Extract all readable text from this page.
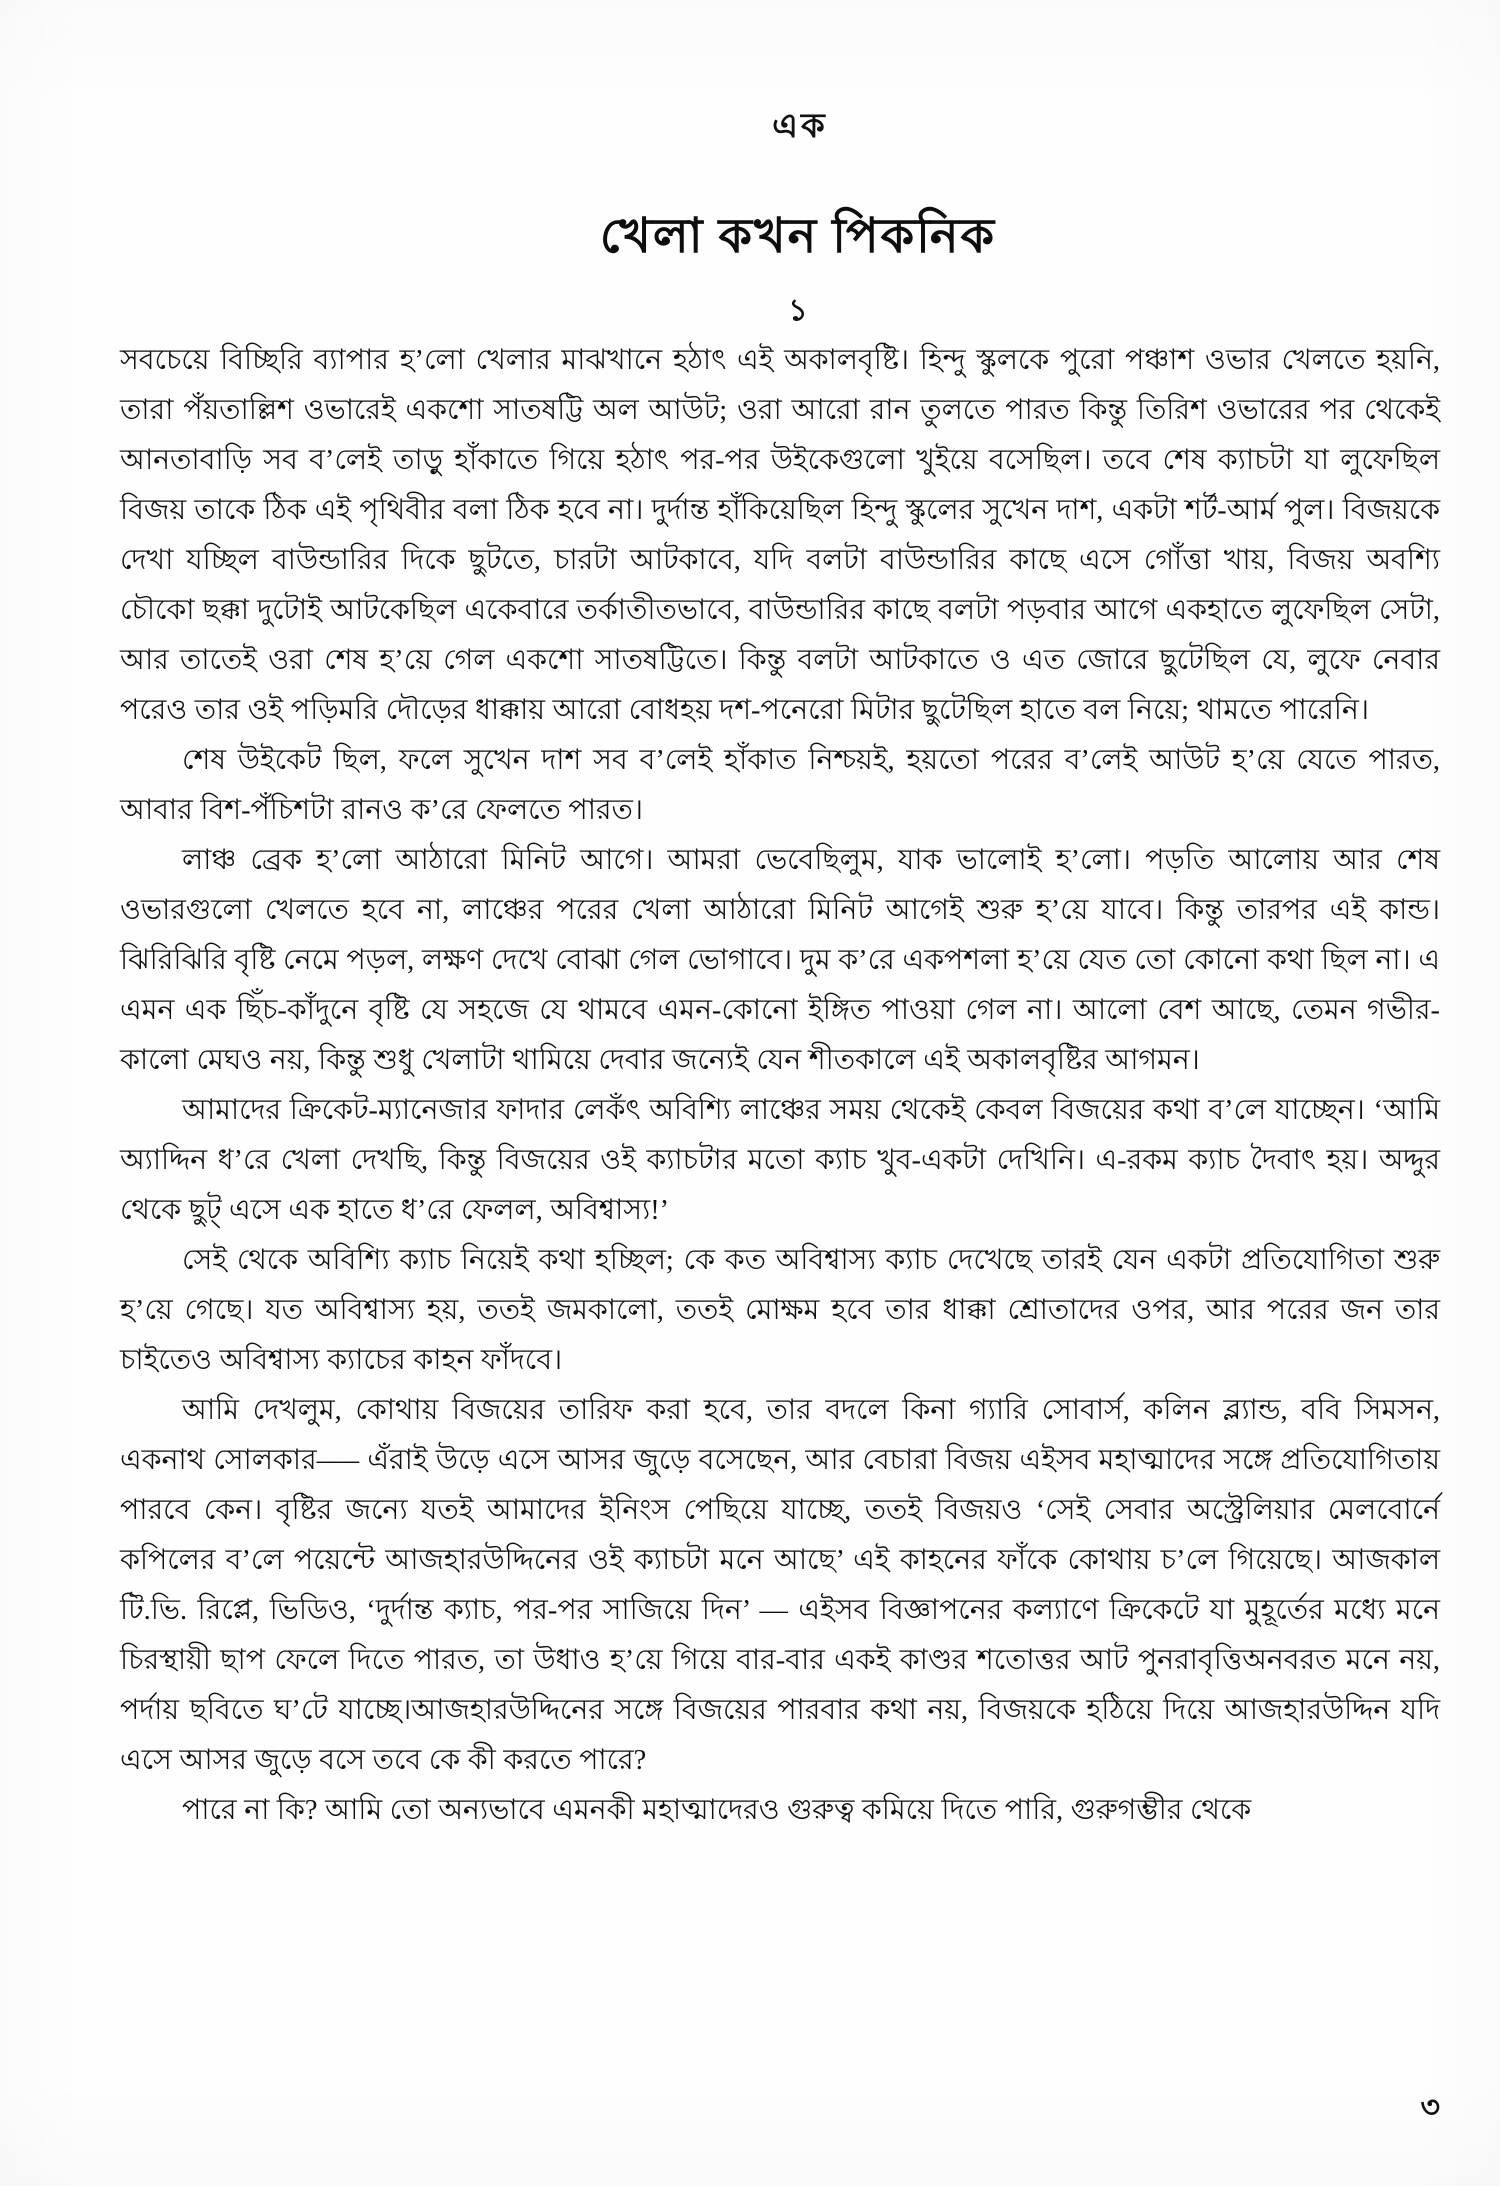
এক
খেলা কখন পিকনিক
১

সবচেয়ে বিচ্ছিরি ব্যাপার হ’লো খেলার মাঝখানে হঠাৎ এই অকালবৃষ্টি। হিন্দু স্কুলকে পুরো পঞ্চাশ ওভার খেলতে হয়নি, তারা পঁয়তাল্লিশ ওভারেই একশো সাতষট্টি অল আউট; ওরা আরো রান তুলতে পারত কিন্তু তিরিশ ওভারের পর থেকেই আনতাবাড়ি সব ব’লেই তাড়ু হাঁকাতে গিয়ে হঠাৎ পর-পর উইকেগুলো খুইয়ে বসেছিল। তবে শেষ ক্যাচটা যা লুফেছিল বিজয় তাকে ঠিক এই পৃথিবীর বলা ঠিক হবে না। দুর্দান্ত হাঁকিয়েছিল হিন্দু স্কুলের সুখেন দাশ, একটা শর্ট-আর্ম পুল। বিজয়কে দেখা যচ্ছিল বাউন্ডারির দিকে ছুটতে, চারটা আটকাবে, যদি বলটা বাউন্ডারির কাছে এসে গোঁত্তা খায়, বিজয় অবশ্যি চৌকো ছক্কা দুটোই আটকেছিল একেবারে তর্কাতীতভাবে, বাউন্ডারির কাছে বলটা পড়বার আগে একহাতে লুফেছিল সেটা, আর তাতেই ওরা শেষ হ’য়ে গেল একশো সাতষট্টিতে। কিন্তু বলটা আটকাতে ও এত জোরে ছুটেছিল যে, লুফে নেবার পরেও তার ওই পড়িমরি দৌড়ের ধাক্কায় আরো বোধহয় দশ-পনেরো মিটার ছুটেছিল হাতে বল নিয়ে; থামতে পারেনি।

শেষ উইকেট ছিল, ফলে সুখেন দাশ সব ব’লেই হাঁকাত নিশ্চয়ই, হয়তো পরের ব’লেই আউট হ’য়ে যেতে পারত, আবার বিশ-পঁচিশটা রানও ক’রে ফেলতে পারত।

লাঞ্চ ব্রেক হ’লো আঠারো মিনিট আগে। আমরা ভেবেছিলুম, যাক ভালোই হ’লো। পড়তি আলোয় আর শেষ ওভারগুলো খেলতে হবে না, লাঞ্চের পরের খেলা আঠারো মিনিট আগেই শুরু হ’য়ে যাবে। কিন্তু তারপর এই কান্ড। ঝিরিঝিরি বৃষ্টি নেমে পড়ল, লক্ষণ দেখে বোঝা গেল ভোগাবে। দুম ক’রে একপশলা হ’য়ে যেত তো কোনো কথা ছিল না। এ এমন এক ছিঁচ-কাঁদুনে বৃষ্টি যে সহজে যে থামবে এমন-কোনো ইঙ্গিত পাওয়া গেল না। আলো বেশ আছে, তেমন গভীর-কালো মেঘও নয়, কিন্তু শুধু খেলাটা থামিয়ে দেবার জন্যেই যেন শীতকালে এই অকালবৃষ্টির আগমন।

আমাদের ক্রিকেট-ম্যানেজার ফাদার লেকঁৎ অবিশ্যি লাঞ্চের সময় থেকেই কেবল বিজয়ের কথা ব’লে যাচ্ছেন। ‘আমি অ্যাদ্দিন ধ’রে খেলা দেখছি, কিন্তু বিজয়ের ওই ক্যাচটার মতো ক্যাচ খুব-একটা দেখিনি। এ-রকম ক্যাচ দৈবাৎ হয়। অদ্দুর থেকে ছুট্ এসে এক হাতে ধ’রে ফেলল, অবিশ্বাস্য!’

সেই থেকে অবিশ্যি ক্যাচ নিয়েই কথা হচ্ছিল; কে কত অবিশ্বাস্য ক্যাচ দেখেছে তারই যেন একটা প্রতিযোগিতা শুরু হ’য়ে গেছে। যত অবিশ্বাস্য হয়, ততই জমকালো, ততই মোক্ষম হবে তার ধাক্কা শ্রোতাদের ওপর, আর পরের জন তার চাইতেও অবিশ্বাস্য ক্যাচের কাহন ফাঁদবে।

আমি দেখলুম, কোথায় বিজয়ের তারিফ করা হবে, তার বদলে কিনা গ্যারি সোবার্স, কলিন ব্ল্যান্ড, ববি সিমসন, একনাথ সোলকার––– এঁরাই উড়ে এসে আসর জুড়ে বসেছেন, আর বেচারা বিজয় এইসব মহাত্মাদের সঙ্গে প্রতিযোগিতায় পারবে কেন। বৃষ্টির জন্যে যতই আমাদের ইনিংস পেছিয়ে যাচ্ছে, ততই বিজয়ও ‘সেই সেবার অস্ট্রেলিয়ার মেলবোর্নে কপিলের ব’লে পয়েন্টে আজহারউদ্দিনের ওই ক্যাচটা মনে আছে’ এই কাহনের ফাঁকে কোথায় চ’লে গিয়েছে। আজকাল টি.ভি. রিপ্লে, ভিডিও, ‘দুর্দান্ত ক্যাচ, পর-পর সাজিয়ে দিন’ — এইসব বিজ্ঞাপনের কল্যাণে ক্রিকেটে যা মুহূর্তের মধ্যে মনে চিরস্থায়ী ছাপ ফেলে দিতে পারত, তা উধাও হ’য়ে গিয়ে বার-বার একই কাণ্ডর শতোত্তর আট পুনরাবৃত্তিঅনবরত মনে নয়, পর্দায় ছবিতে ঘ’টে যাচ্ছে।আজহারউদ্দিনের সঙ্গে বিজয়ের পারবার কথা নয়, বিজয়কে হঠিয়ে দিয়ে আজহারউদ্দিন যদি এসে আসর জুড়ে বসে তবে কে কী করতে পারে?

পারে না কি? আমি তো অন্যভাবে এমনকী মহাত্মাদেরও গুরুত্ব কমিয়ে দিতে পারি, গুরুগম্ভীর থেকে

৩
